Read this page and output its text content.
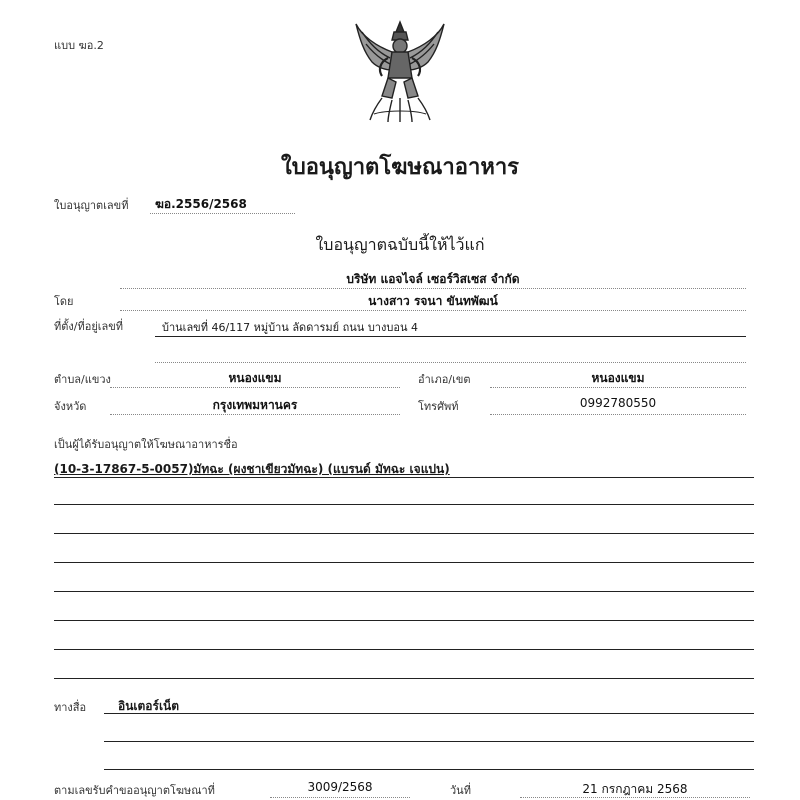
แบบ ฆอ.2
ใบอนุญาตโฆษณาอาหาร
ใบอนุญาตเลขที่ ฆอ.2556/2568
ใบอนุญาตฉบับนี้ให้ไว้แก่
บริษัท แอจไจล์ เซอร์วิสเซส จำกัด
โดย	นางสาว รจนา ขันทพัฒน์
ที่ตั้ง/ที่อยู่เลขที่	บ้านเลขที่ 46/117 หมู่บ้าน ลัดดารมย์ ถนน บางบอน 4
ตำบล/แขวง	หนองแขม	อำเภอ/เขต	หนองแขม
จังหวัด	กรุงเทพมหานคร	โทรศัพท์	0992780550
เป็นผู้ได้รับอนุญาตให้โฆษณาอาหารชื่อ
(10-3-17867-5-0057)มัทฉะ (ผงชาเขียวมัทฉะ) (แบรนด์ มัทฉะ เจแปน)
ทางสื่อ	อินเตอร์เน็ต
ตามเลขรับคำขออนุญาตโฆษณาที่	3009/2568	วันที่	21 กรกฎาคม 2568
